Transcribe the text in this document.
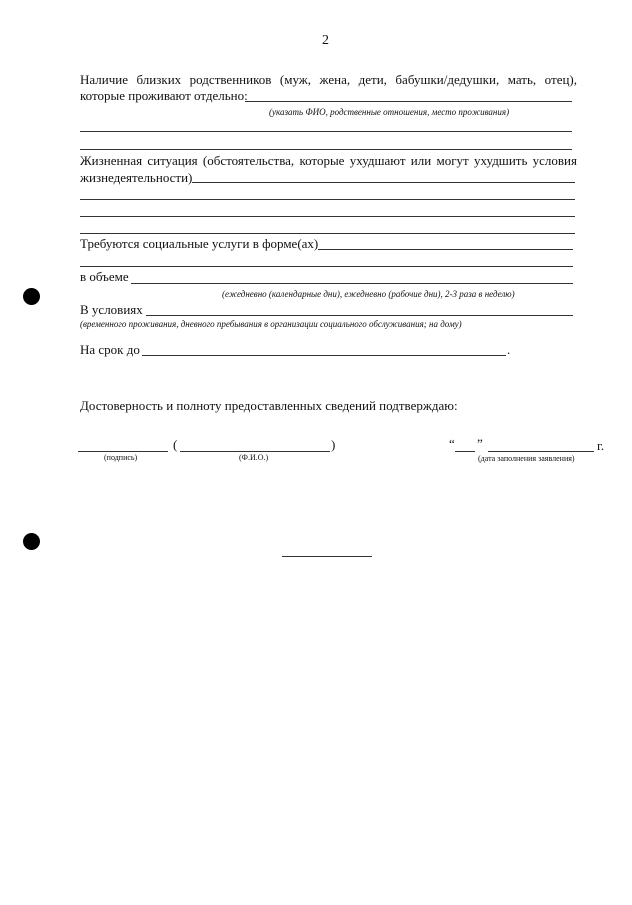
2
Наличие близких родственников (муж, жена, дети, бабушки/дедушки, мать, отец),
которые проживают отдельно:
(указать ФИО, родственные отношения, место проживания)
Жизненная ситуация (обстоятельства, которые ухудшают или могут ухудшить условия
жизнедеятельности)
Требуются социальные услуги в форме(ах)
в объеме
(ежедневно (календарные дни), ежедневно (рабочие дни), 2-3 раза в неделю)
В условиях
(временного проживания, дневного пребывания в организации социального обслуживания; на дому)
На срок до	.
Достоверность и полноту предоставленных сведений подтверждаю:
(подпись)
(	)
(Ф.И.О.)
“ ”	г.
(дата заполнения заявления)
